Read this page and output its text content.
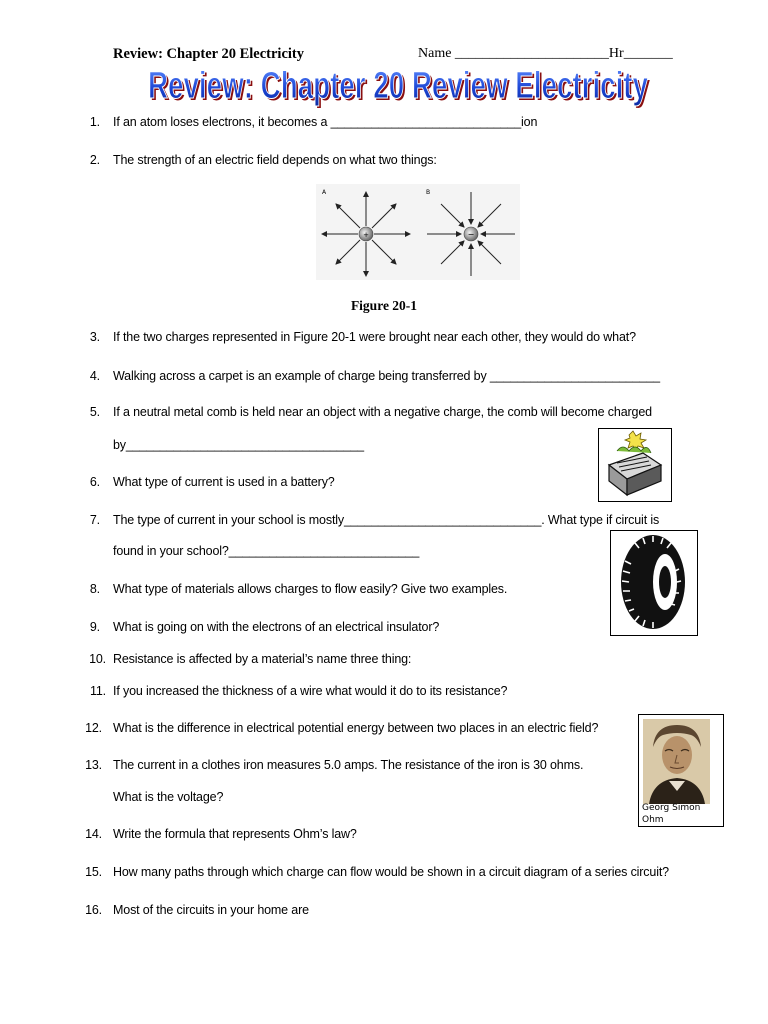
Review: Chapter 20 Electricity	Name ______________________Hr_______
Review: Chapter 20 Review Electricity
Review: Chapter 20 Review Electricity
A	B
+	−
Figure 20-1
1. If an atom loses electrons, it becomes a ____________________________ion
2. The strength of an electric field depends on what two things:
3. If the two charges represented in Figure 20-1 were brought near each other, they would do what?
4. Walking across a carpet is an example of charge being transferred by _________________________
5. If a neutral metal comb is held near an object with a negative charge, the comb will become charged
by___________________________________
6. What type of current is used in a battery?
7. The type of current in your school is mostly_____________________________. What type if circuit is
found in your school?____________________________
8. What type of materials allows charges to flow easily? Give two examples.
9. What is going on with the electrons of an electrical insulator?
10. Resistance is affected by a material’s name three thing:
11. If you increased the thickness of a wire what would it do to its resistance?
12. What is the difference in electrical potential energy between two places in an electric field?
13. The current in a clothes iron measures 5.0 amps. The resistance of the iron is 30 ohms.
What is the voltage?
14. Write the formula that represents Ohm’s law?
15. How many paths through which charge can flow would be shown in a circuit diagram of a series circuit?
16. Most of the circuits in your home are
Georg Simon
Ohm
